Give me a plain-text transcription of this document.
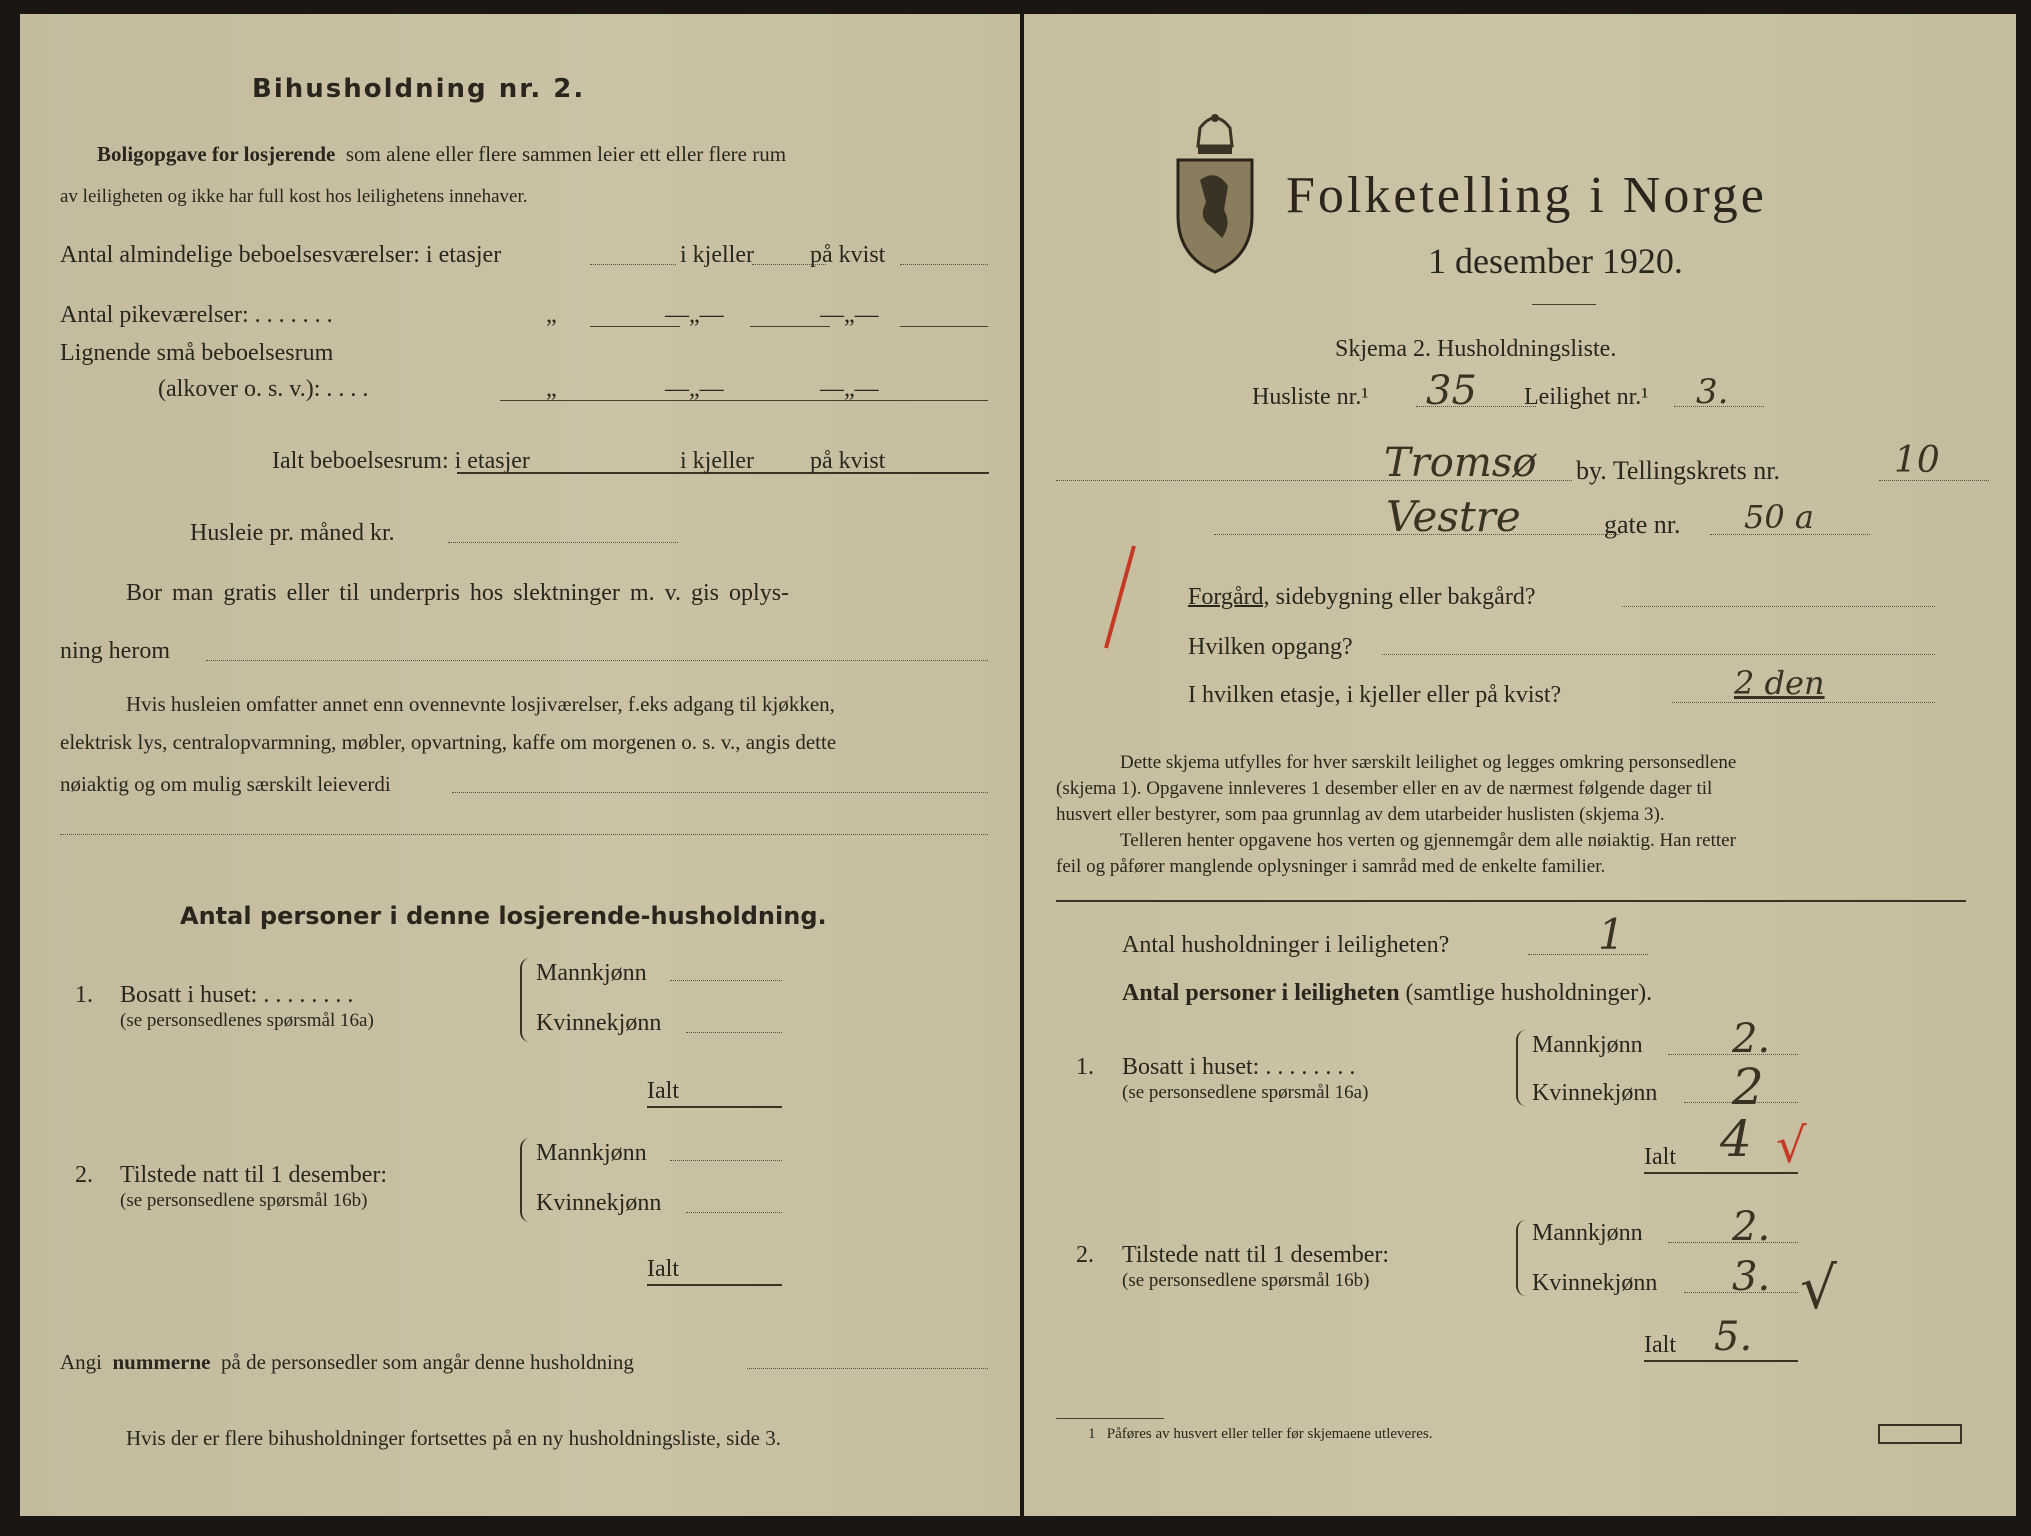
Bihusholdning nr. 2.
Boligopgave for losjerende som alene eller flere sammen leier ett eller flere rum
av leiligheten og ikke har full kost hos leilighetens innehaver.
Antal almindelige beboelsesværelser: i etasjer	i kjeller på kvist
Antal pikeværelser: . . . . . . .	„	—„—	—„—
Lignende små beboelsesrum
(alkover o. s. v.): . . . .	„	—„—	—„—
Ialt beboelsesrum: i etasjer	i kjeller på kvist
Husleie pr. måned kr.
Bor man gratis eller til underpris hos slektninger m. v. gis oplys-
ning herom
Hvis husleien omfatter annet enn ovennevnte losjiværelser, f.eks adgang til kjøkken,
elektrisk lys, centralopvarmning, møbler, opvartning, kaffe om morgenen o. s. v., angis dette
nøiaktig og om mulig særskilt leieverdi
Antal personer i denne losjerende-husholdning.
1. Bosatt i huset: . . . . . . . .
(se personsedlenes spørsmål 16a)
Mannkjønn
Kvinnekjønn
Ialt
2. Tilstede natt til 1 desember:
(se personsedlene spørsmål 16b)
Mannkjønn
Kvinnekjønn
Ialt
Angi nummerne på de personsedler som angår denne husholdning
Hvis der er flere bihusholdninger fortsettes på en ny husholdningsliste, side 3.
Folketelling i Norge
1 desember 1920.
Skjema 2. Husholdningsliste.
Husliste nr.¹ 35 Leilighet nr.¹ 3.
Tromsø by. Tellingskrets nr.	10
Vestre	gate nr. 50 a
Forgård, sidebygning eller bakgård?
Hvilken opgang?
I hvilken etasje, i kjeller eller på kvist?	2 den
Dette skjema utfylles for hver særskilt leilighet og legges omkring personsedlene
(skjema 1). Opgavene innleveres 1 desember eller en av de nærmest følgende dager til
husvert eller bestyrer, som paa grunnlag av dem utarbeider huslisten (skjema 3).
Telleren henter opgavene hos verten og gjennemgår dem alle nøiaktig. Han retter
feil og påfører manglende oplysninger i samråd med de enkelte familier.
Antal husholdninger i leiligheten?	1
Antal personer i leiligheten (samtlige husholdninger).
1. Bosatt i huset: . . . . . . . .
(se personsedlene spørsmål 16a)
Mannkjønn 2.
Kvinnekjønn 2
Ialt 4 √
2. Tilstede natt til 1 desember:
(se personsedlene spørsmål 16b)
Mannkjønn 2.
Kvinnekjønn 3. √
Ialt 5.
1 Påføres av husvert eller teller før skjemaene utleveres.
